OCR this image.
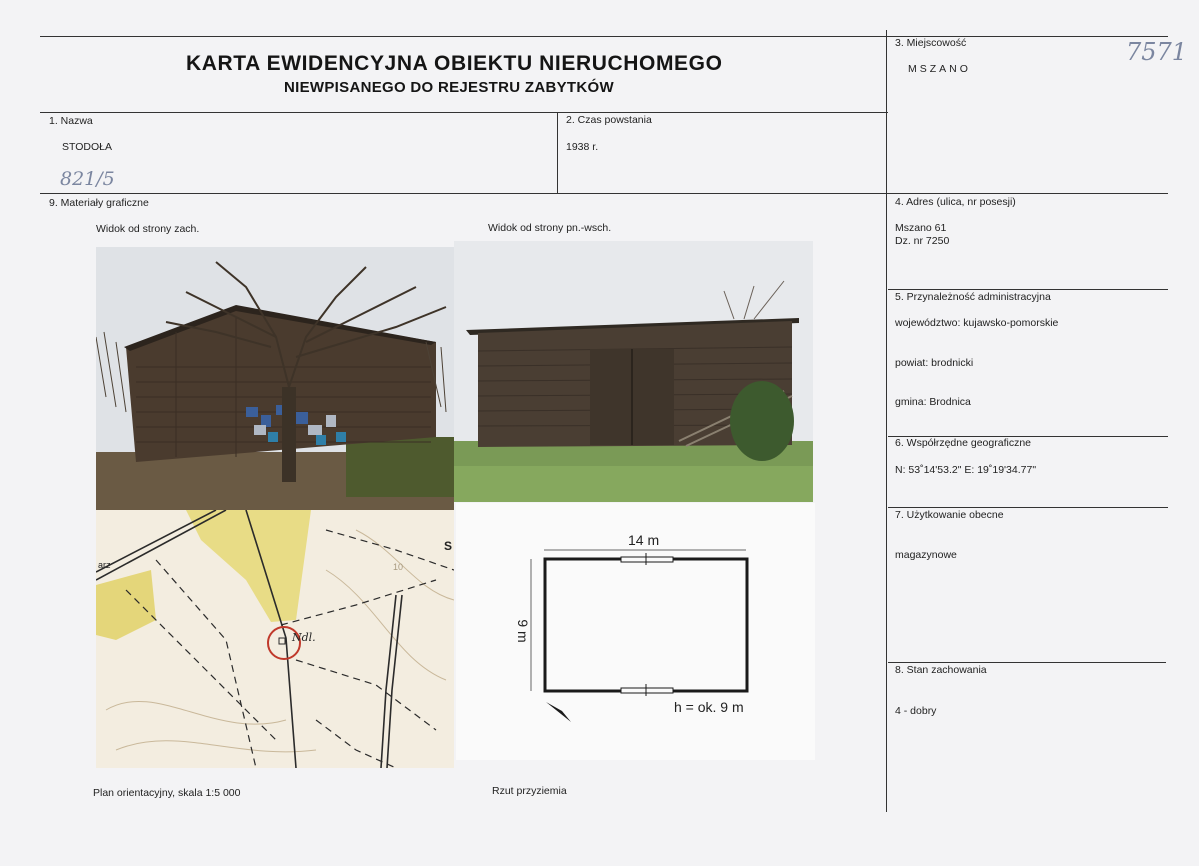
KARTA EWIDENCYJNA OBIEKTU NIERUCHOMEGO
NIEWPISANEGO DO REJESTRU ZABYTKÓW
7571
821/5
3. Miejscowość
MSZANO
1. Nazwa
STODOŁA
2. Czas powstania
1938 r.
9. Materiały graficzne
Widok od strony zach.	Widok od strony pn.-wsch.
Plan orientacyjny, skala 1:5 000	Rzut przyziemia
4. Adres (ulica, nr posesji)
Mszano 61
Dz. nr 7250
5. Przynależność administracyjna
województwo: kujawsko-pomorskie
powiat: brodnicki
gmina: Brodnica
6. Współrzędne geograficzne
N: 53˚14'53.2" E: 19˚19'34.77"
7. Użytkowanie obecne
magazynowe
8. Stan zachowania
4 - dobry
Ndl.
S
arz	10
14 m
9 m
h = ok. 9 m
